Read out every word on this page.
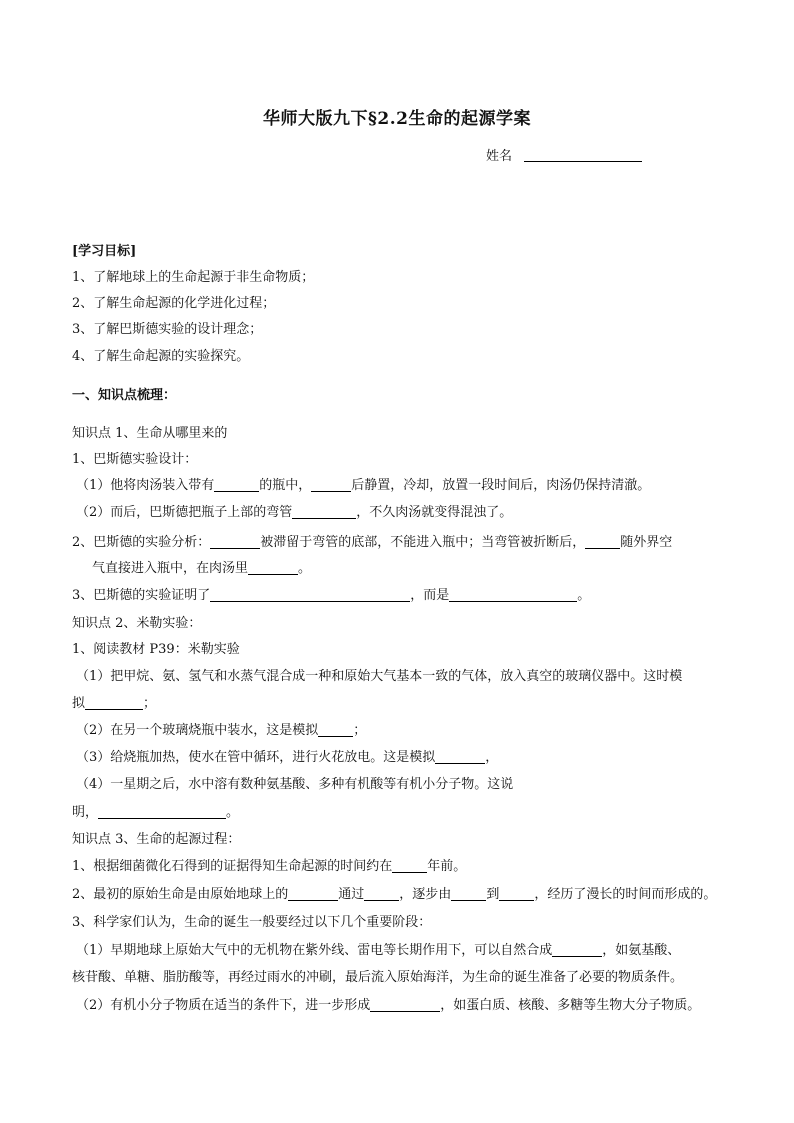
华师大版九下§2.2生命的起源学案
姓名
[学习目标]
1、了解地球上的生命起源于非生命物质；
2、了解生命起源的化学进化过程；
3、了解巴斯德实验的设计理念；
4、了解生命起源的实验探究。
一、知识点梳理：
知识点 1、生命从哪里来的
1、巴斯德实验设计：
（1）他将肉汤装入带有	的瓶中，	后静置，冷却，放置一段时间后，肉汤仍保持清澈。
（2）而后，巴斯德把瓶子上部的弯管	，不久肉汤就变得混浊了。
2、巴斯德的实验分析：	被滞留于弯管的底部，不能进入瓶中；当弯管被折断后，	随外界空
气直接进入瓶中，在肉汤里	。
3、巴斯德的实验证明了	，而是	。
知识点 2、米勒实验：
1、阅读教材 P39：米勒实验
（1）把甲烷、氨、氢气和水蒸气混合成一种和原始大气基本一致的气体，放入真空的玻璃仪器中。这时模
拟	；
（2）在另一个玻璃烧瓶中装水，这是模拟	；
（3）给烧瓶加热，使水在管中循环，进行火花放电。这是模拟	，
（4）一星期之后，水中溶有数种氨基酸、多种有机酸等有机小分子物。这说
明，	。
知识点 3、生命的起源过程：
1、根据细菌微化石得到的证据得知生命起源的时间约在	年前。
2、最初的原始生命是由原始地球上的	通过	，逐步由	到	，经历了漫长的时间而形成的。
3、科学家们认为，生命的诞生一般要经过以下几个重要阶段：
（1）早期地球上原始大气中的无机物在紫外线、雷电等长期作用下，可以自然合成	，如氨基酸、
核苷酸、单糖、脂肪酸等，再经过雨水的冲刷，最后流入原始海洋，为生命的诞生准备了必要的物质条件。
（2）有机小分子物质在适当的条件下，进一步形成	，如蛋白质、核酸、多糖等生物大分子物质。
